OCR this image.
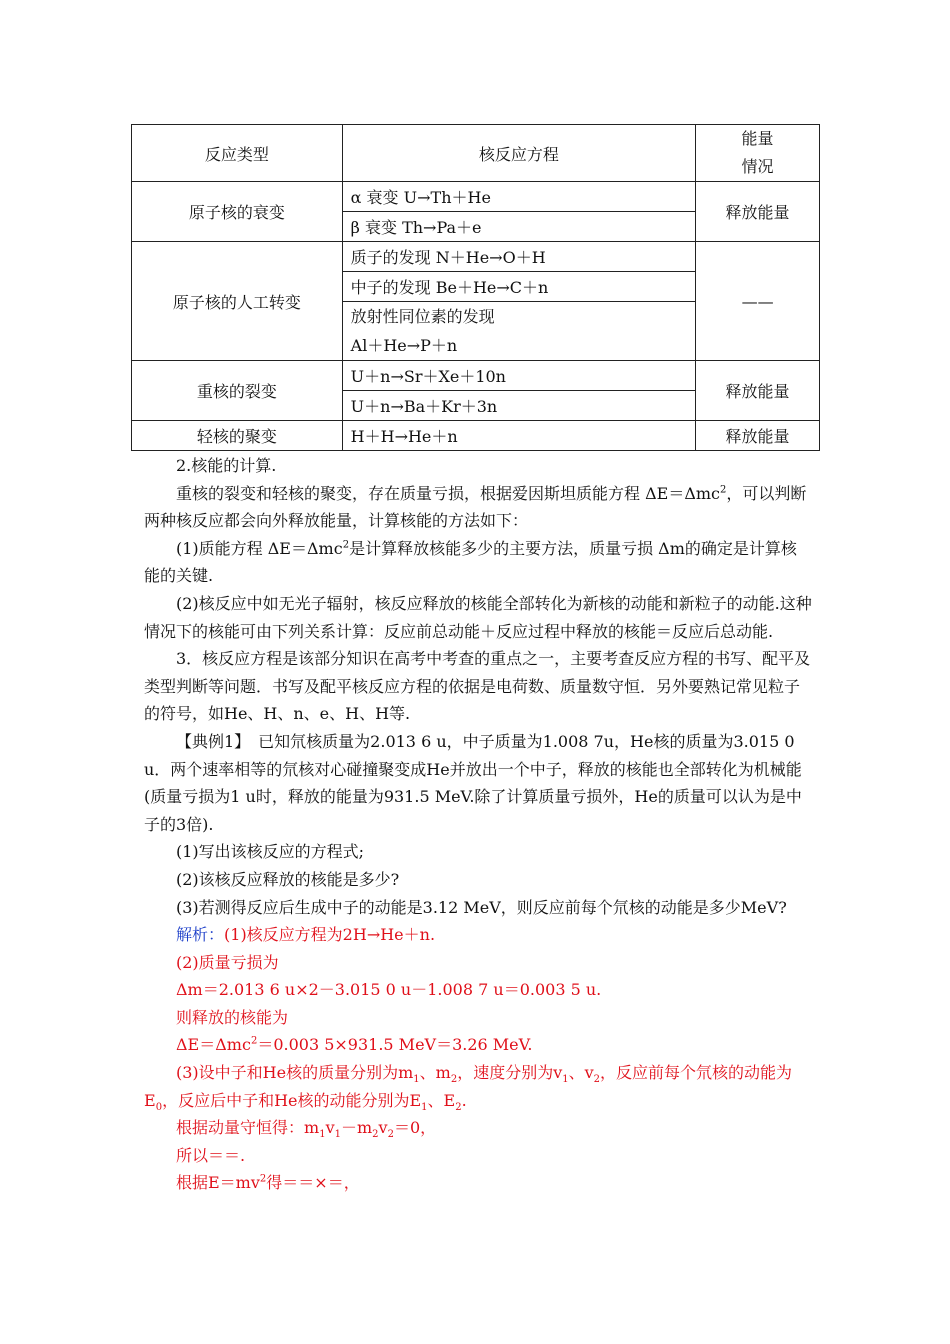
反应类型	核反应方程	能量
情况
原子核的衰变	α 衰变 U→Th＋He	释放能量
	β 衰变 Th→Pa＋e	
原子核的人工转变	质子的发现 N＋He→O＋H	——
	中子的发现 Be＋He→C＋n	
	放射性同位素的发现
Al＋He→P＋n	
重核的裂变	U＋n→Sr＋Xe＋10n	释放能量
	U＋n→Ba＋Kr＋3n	
轻核的聚变	H＋H→He＋n	释放能量

2.核能的计算.

重核的裂变和轻核的聚变，存在质量亏损，根据爱因斯坦质能方程 ΔE＝Δmc$^2$，可以判断两种核反应都会向外释放能量，计算核能的方法如下：

(1)质能方程 ΔE＝Δmc$^2$是计算释放核能多少的主要方法，质量亏损 Δm的确定是计算核能的关键.

(2)核反应中如无光子辐射，核反应释放的核能全部转化为新核的动能和新粒子的动能.这种情况下的核能可由下列关系计算：反应前总动能＋反应过程中释放的核能＝反应后总动能.

3．核反应方程是该部分知识在高考中考查的重点之一，主要考查反应方程的书写、配平及类型判断等问题．书写及配平核反应方程的依据是电荷数、质量数守恒．另外要熟记常见粒子的符号，如He、H、n、e、H、H等.

【典例1】　已知氘核质量为2.013 6 u，中子质量为1.008 7u，He核的质量为3.015 0 u．两个速率相等的氘核对心碰撞聚变成He并放出一个中子，释放的核能也全部转化为机械能(质量亏损为1 u时，释放的能量为931.5 MeV.除了计算质量亏损外，He的质量可以认为是中子的3倍).

(1)写出该核反应的方程式;

(2)该核反应释放的核能是多少?

(3)若测得反应后生成中子的动能是3.12 MeV，则反应前每个氘核的动能是多少MeV?

解析：(1)核反应方程为2H→He＋n.

(2)质量亏损为

Δm＝2.013 6 u×2－3.015 0 u－1.008 7 u＝0.003 5 u.

则释放的核能为

ΔE＝Δmc$^2$＝0.003 5×931.5 MeV＝3.26 MeV.

(3)设中子和He核的质量分别为$m_1$、$m_2$，速度分别为$v_1$、$v_2$，反应前每个氘核的动能为$E_0$，反应后中子和He核的动能分别为$E_1$、$E_2$.

根据动量守恒得：$m_1v_1-m_2v_2=0$，

所以＝＝.

根据$E=mv^2$得＝＝×＝，
